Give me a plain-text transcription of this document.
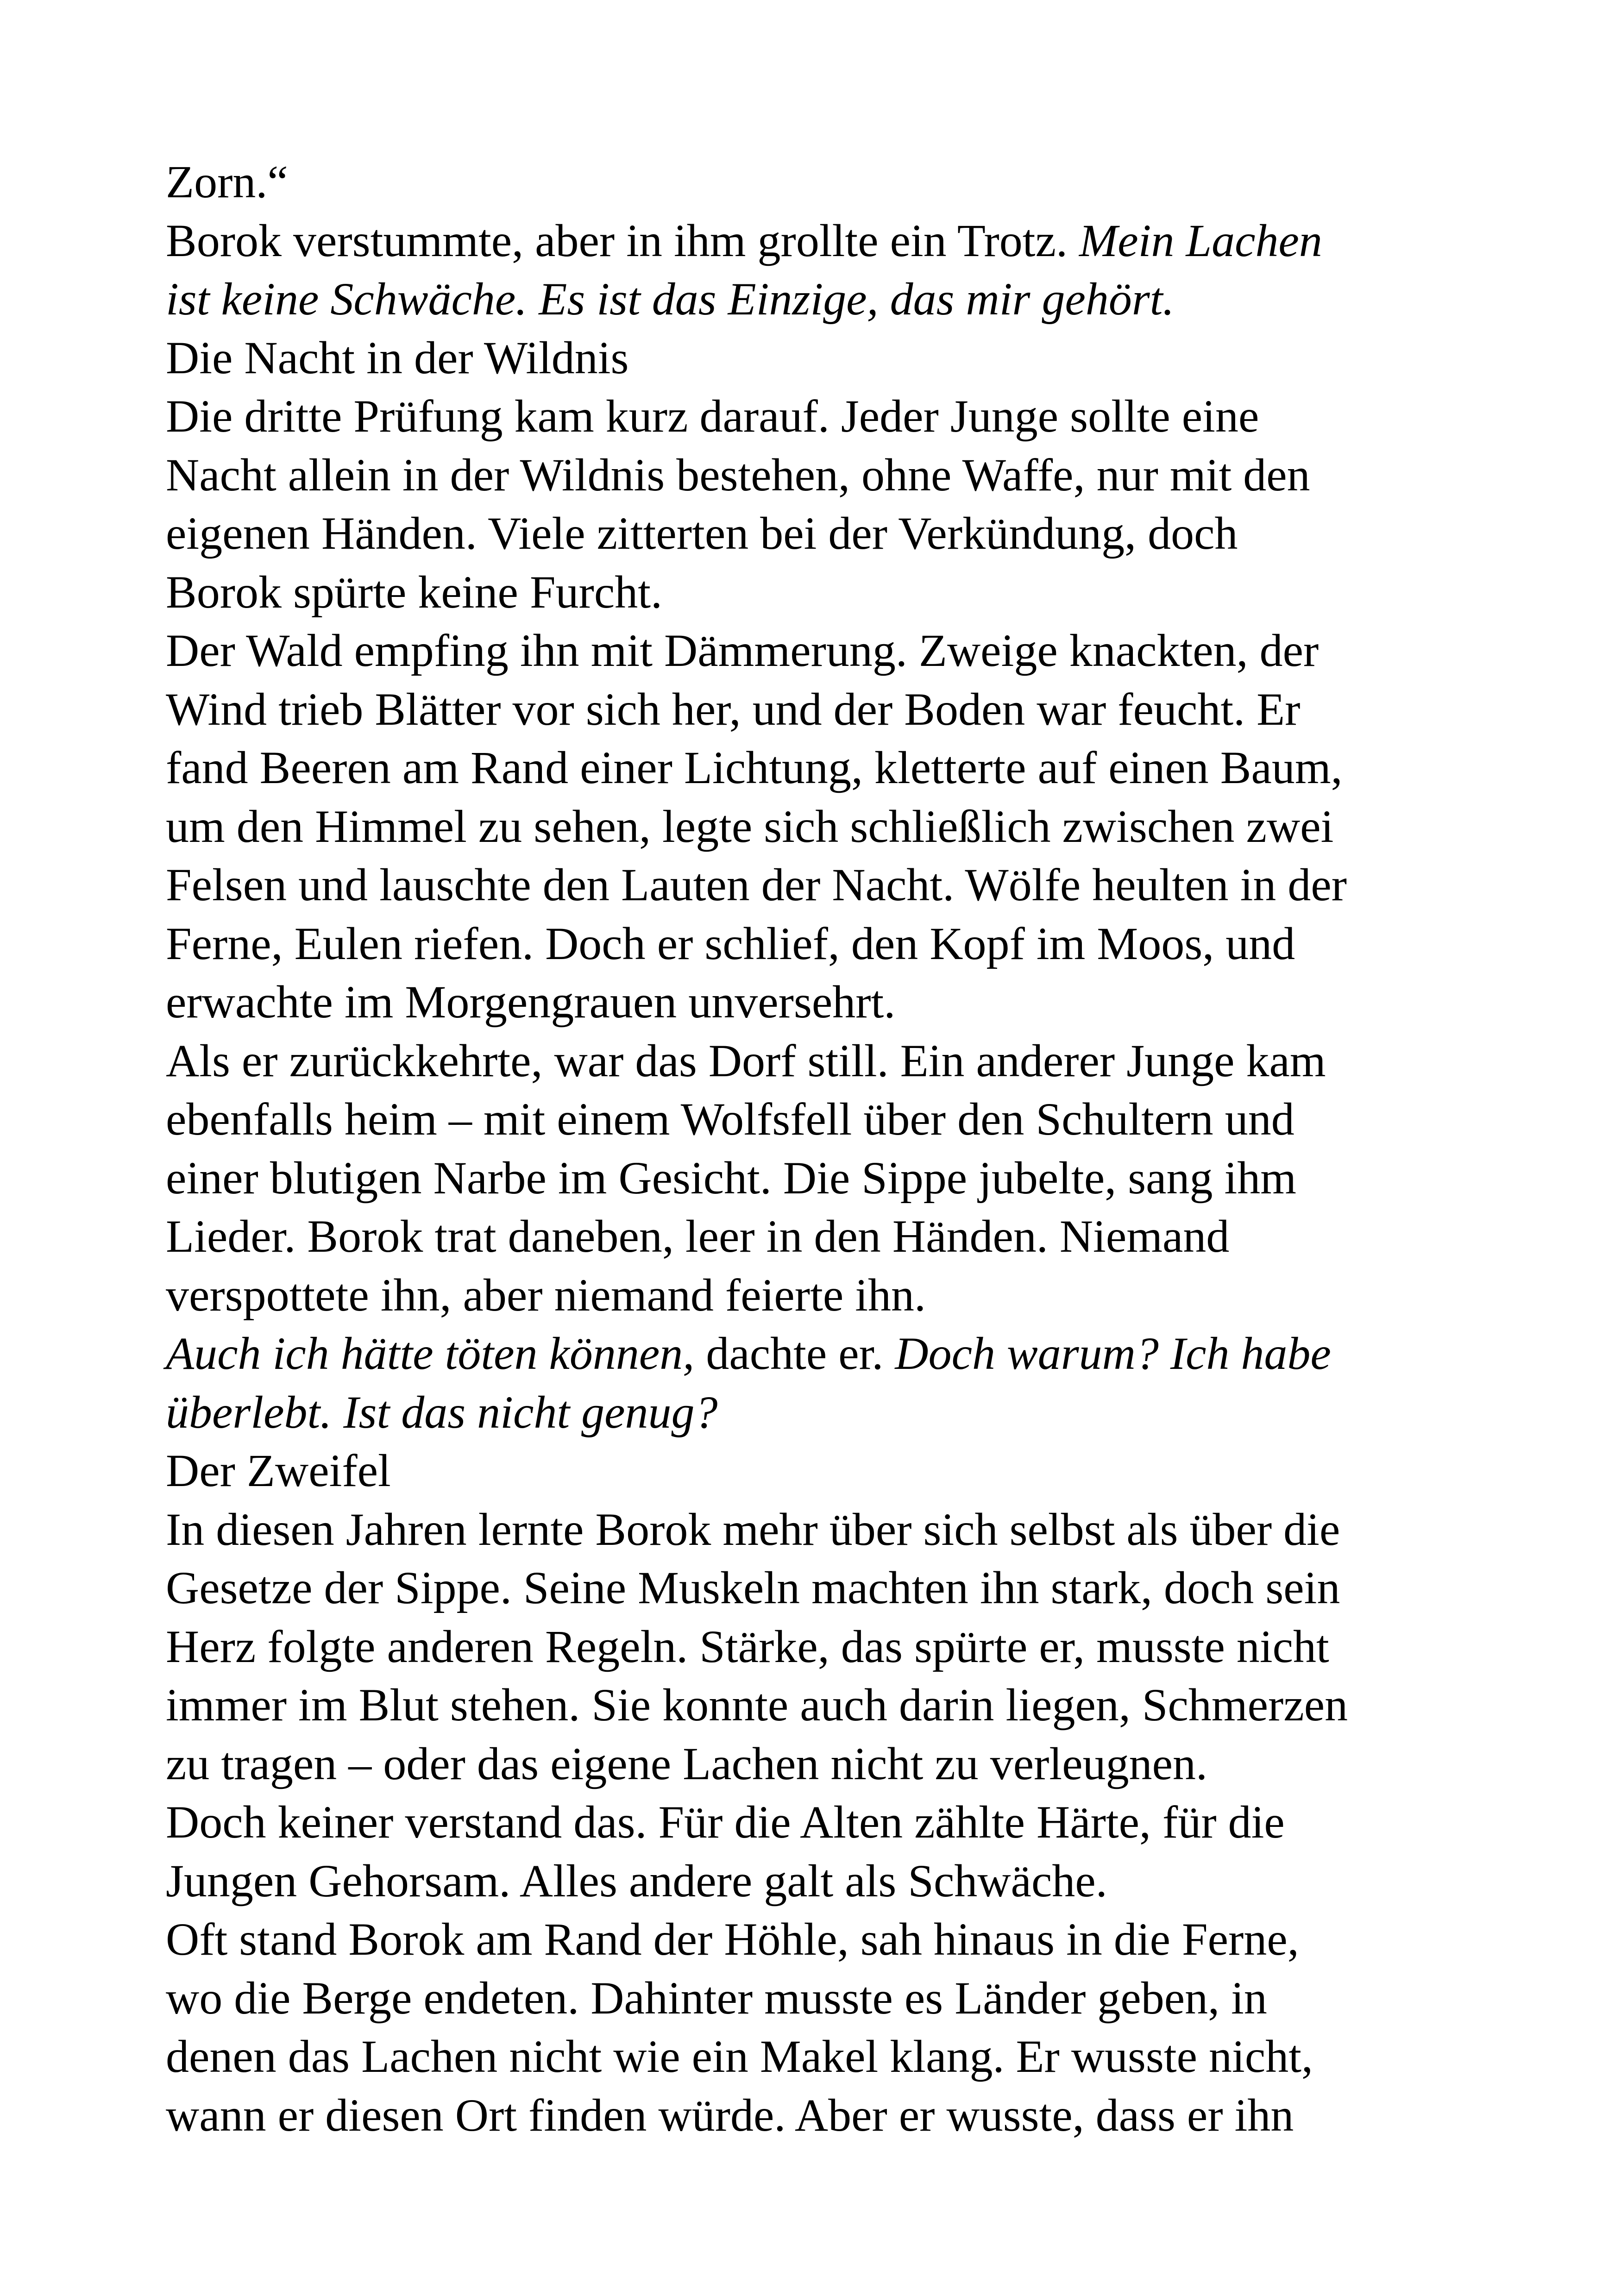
Zorn.“
Borok verstummte, aber in ihm grollte ein Trotz. Mein Lachen
ist keine Schwäche. Es ist das Einzige, das mir gehört.
Die Nacht in der Wildnis
Die dritte Prüfung kam kurz darauf. Jeder Junge sollte eine
Nacht allein in der Wildnis bestehen, ohne Waffe, nur mit den
eigenen Händen. Viele zitterten bei der Verkündung, doch
Borok spürte keine Furcht.
Der Wald empfing ihn mit Dämmerung. Zweige knackten, der
Wind trieb Blätter vor sich her, und der Boden war feucht. Er
fand Beeren am Rand einer Lichtung, kletterte auf einen Baum,
um den Himmel zu sehen, legte sich schließlich zwischen zwei
Felsen und lauschte den Lauten der Nacht. Wölfe heulten in der
Ferne, Eulen riefen. Doch er schlief, den Kopf im Moos, und
erwachte im Morgengrauen unversehrt.
Als er zurückkehrte, war das Dorf still. Ein anderer Junge kam
ebenfalls heim – mit einem Wolfsfell über den Schultern und
einer blutigen Narbe im Gesicht. Die Sippe jubelte, sang ihm
Lieder. Borok trat daneben, leer in den Händen. Niemand
verspottete ihn, aber niemand feierte ihn.
Auch ich hätte töten können, dachte er. Doch warum? Ich habe
überlebt. Ist das nicht genug?
Der Zweifel
In diesen Jahren lernte Borok mehr über sich selbst als über die
Gesetze der Sippe. Seine Muskeln machten ihn stark, doch sein
Herz folgte anderen Regeln. Stärke, das spürte er, musste nicht
immer im Blut stehen. Sie konnte auch darin liegen, Schmerzen
zu tragen – oder das eigene Lachen nicht zu verleugnen.
Doch keiner verstand das. Für die Alten zählte Härte, für die
Jungen Gehorsam. Alles andere galt als Schwäche.
Oft stand Borok am Rand der Höhle, sah hinaus in die Ferne,
wo die Berge endeten. Dahinter musste es Länder geben, in
denen das Lachen nicht wie ein Makel klang. Er wusste nicht,
wann er diesen Ort finden würde. Aber er wusste, dass er ihn
